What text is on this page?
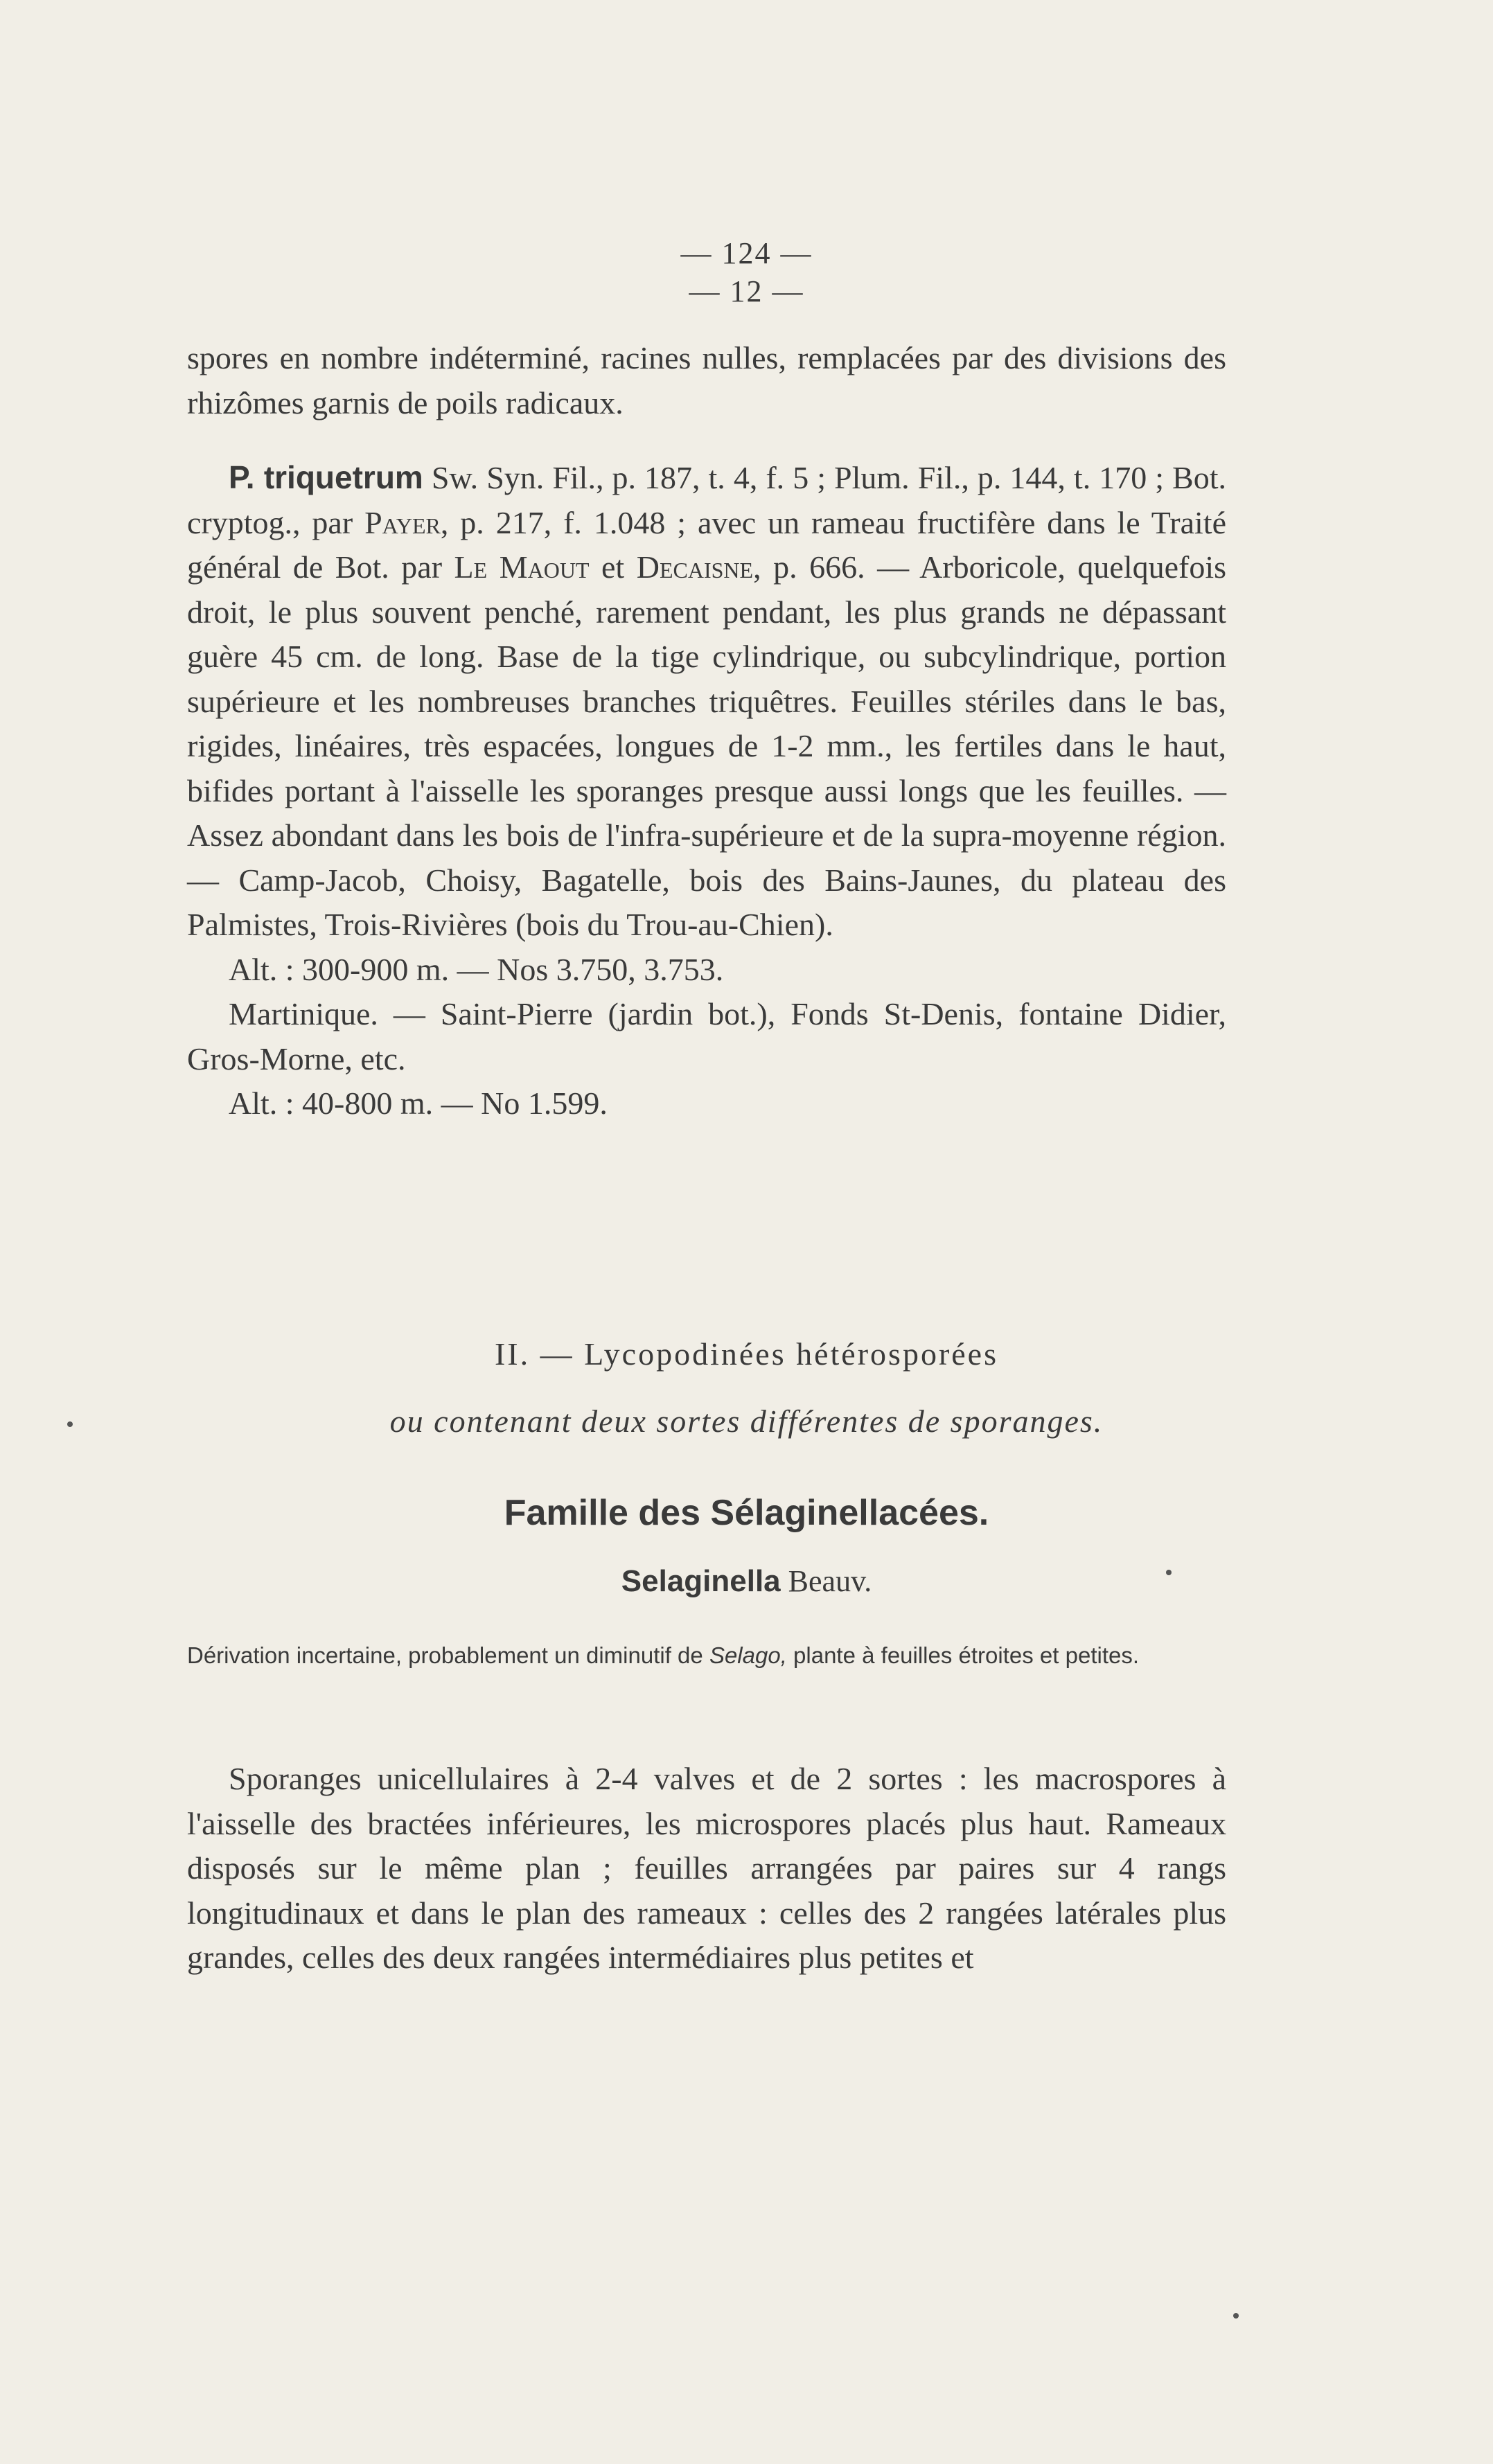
— 124 —
— 12 —
spores en nombre indéterminé, racines nulles, remplacées par des divisions des rhizômes garnis de poils radicaux.
P. triquetrum Sw. Syn. Fil., p. 187, t. 4, f. 5 ; Plum. Fil., p. 144, t. 170 ; Bot. cryptog., par Payer, p. 217, f. 1.048 ; avec un rameau fructifère dans le Traité général de Bot. par Le Maout et Decaisne, p. 666. — Arboricole, quelquefois droit, le plus souvent penché, rarement pendant, les plus grands ne dépassant guère 45 cm. de long. Base de la tige cylindrique, ou subcylindrique, portion supérieure et les nombreuses branches triquêtres. Feuilles stériles dans le bas, rigides, linéaires, très espacées, longues de 1-2 mm., les fertiles dans le haut, bifides portant à l'aisselle les sporanges presque aussi longs que les feuilles. — Assez abondant dans les bois de l'infra-supérieure et de la supra-moyenne région. — Camp-Jacob, Choisy, Bagatelle, bois des Bains-Jaunes, du plateau des Palmistes, Trois-Rivières (bois du Trou-au-Chien).
Alt. : 300-900 m. — Nos 3.750, 3.753.
Martinique. — Saint-Pierre (jardin bot.), Fonds St-Denis, fontaine Didier, Gros-Morne, etc.
Alt. : 40-800 m. — No 1.599.
II. — Lycopodinées hétérosporées
ou contenant deux sortes différentes de sporanges.
Famille des Sélaginellacées.
Selaginella Beauv.
Dérivation incertaine, probablement un diminutif de Selago, plante à feuilles étroites et petites.
Sporanges unicellulaires à 2-4 valves et de 2 sortes : les macrospores à l'aisselle des bractées inférieures, les microspores placés plus haut. Rameaux disposés sur le même plan ; feuilles arrangées par paires sur 4 rangs longitudinaux et dans le plan des rameaux : celles des 2 rangées latérales plus grandes, celles des deux rangées intermédiaires plus petites et
